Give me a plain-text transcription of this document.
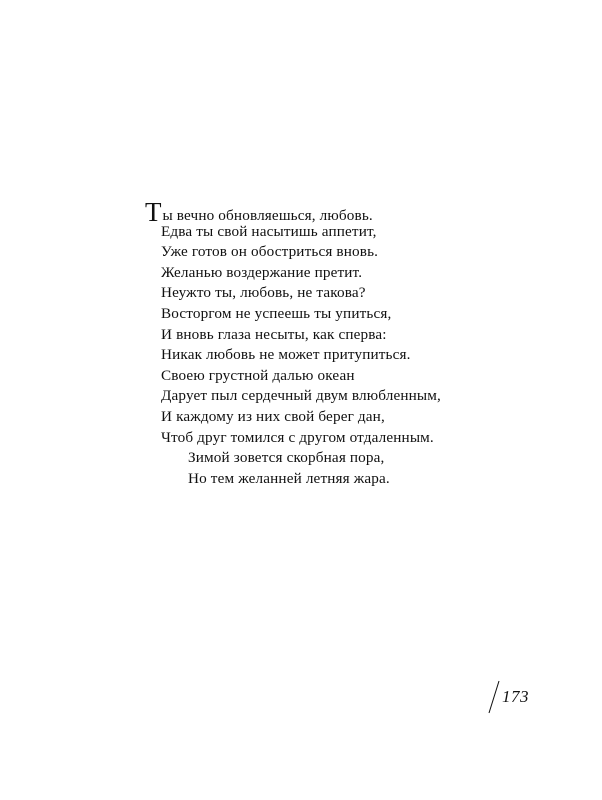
Ты вечно обновляешься, любовь.
Едва ты свой насытишь аппетит,
Уже готов он обостриться вновь.
Желанью воздержание претит.
Неужто ты, любовь, не такова?
Восторгом не успеешь ты упиться,
И вновь глаза несыты, как сперва:
Никак любовь не может притупиться.
Своею грустной далью океан
Дарует пыл сердечный двум влюбленным,
И каждому из них свой берег дан,
Чтоб друг томился с другом отдаленным.
Зимой зовется скорбная пора,
Но тем желанней летняя жара.
173
